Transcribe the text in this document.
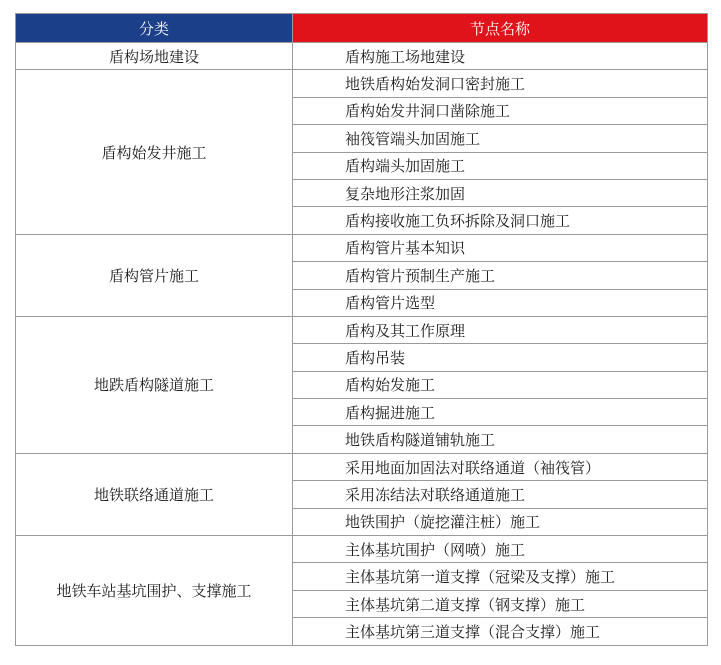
分类	节点名称
盾构场地建设	盾构施工场地建设
盾构始发井施工	地铁盾构始发洞口密封施工
	盾构始发井洞口凿除施工
	袖筏管端头加固施工
	盾构端头加固施工
	复杂地形注浆加固
	盾构接收施工负环拆除及洞口施工
盾构管片施工	盾构管片基本知识
	盾构管片预制生产施工
	盾构管片选型
地跌盾构隧道施工	盾构及其工作原理
	盾构吊装
	盾构始发施工
	盾构掘进施工
	地铁盾构隧道铺轨施工
地铁联络通道施工	采用地面加固法对联络通道（袖筏管）
	采用冻结法对联络通道施工
	地铁围护（旋挖灌注桩）施工
地铁车站基坑围护、支撑施工	主体基坑围护（网喷）施工
	主体基坑第一道支撑（冠梁及支撑）施工
	主体基坑第二道支撑（钢支撑）施工
	主体基坑第三道支撑（混合支撑）施工
